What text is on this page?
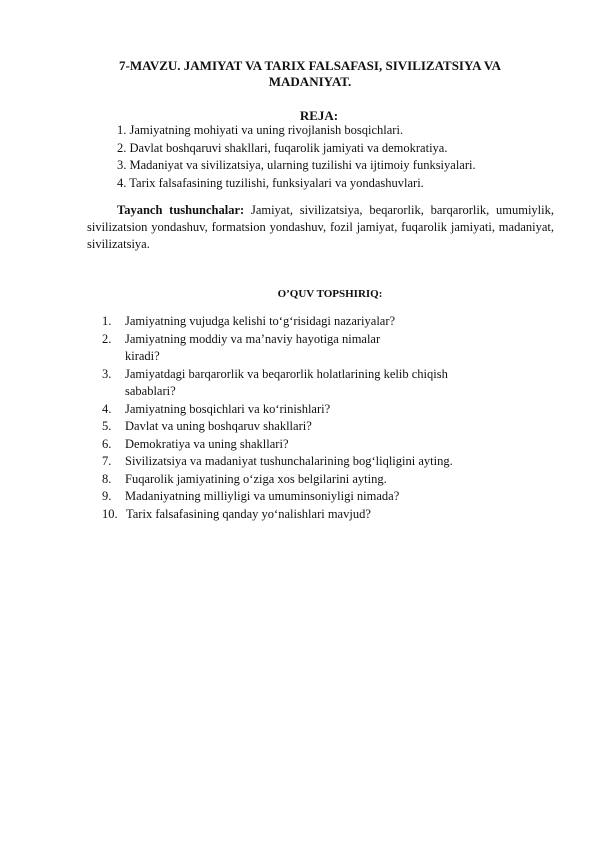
7-MAVZU. JAMIYAT VA TARIX FALSAFASI, SIVILIZATSIYA VA
MADANIYAT.
REJA:
1. Jamiyatning mohiyati va uning rivojlanish bosqichlari.
2. Davlat boshqaruvi shakllari, fuqarolik jamiyati va demokratiya.
3. Madaniyat va sivilizatsiya, ularning tuzilishi va ijtimoiy funksiyalari.
4. Tarix falsafasining tuzilishi, funksiyalari va yondashuvlari.
Tayanch tushunchalar: Jamiyat, sivilizatsiya, beqarorlik, barqarorlik, umumiylik, sivilizatsion yondashuv, formatsion yondashuv, fozil jamiyat, fuqarolik jamiyati, madaniyat, sivilizatsiya.
O’QUV TOPSHIRIQ:
1.	Jamiyatning vujudga kelishi to‘g‘risidagi nazariyalar?
2.	Jamiyatning moddiy va ma’naviy hayotiga nimalar
kiradi?
3.	Jamiyatdagi barqarorlik va beqarorlik holatlarining kelib chiqish
sabablari?
4.	Jamiyatning bosqichlari va ko‘rinishlari?
5.	Davlat va uning boshqaruv shakllari?
6.	Demokratiya va uning shakllari?
7.	Sivilizatsiya va madaniyat tushunchalarining bog‘liqligini ayting.
8.	Fuqarolik jamiyatining o‘ziga xos belgilarini ayting.
9.	Madaniyatning milliyligi va umuminsoniyligi nimada?
10. Tarix falsafasining qanday yo‘nalishlari mavjud?
